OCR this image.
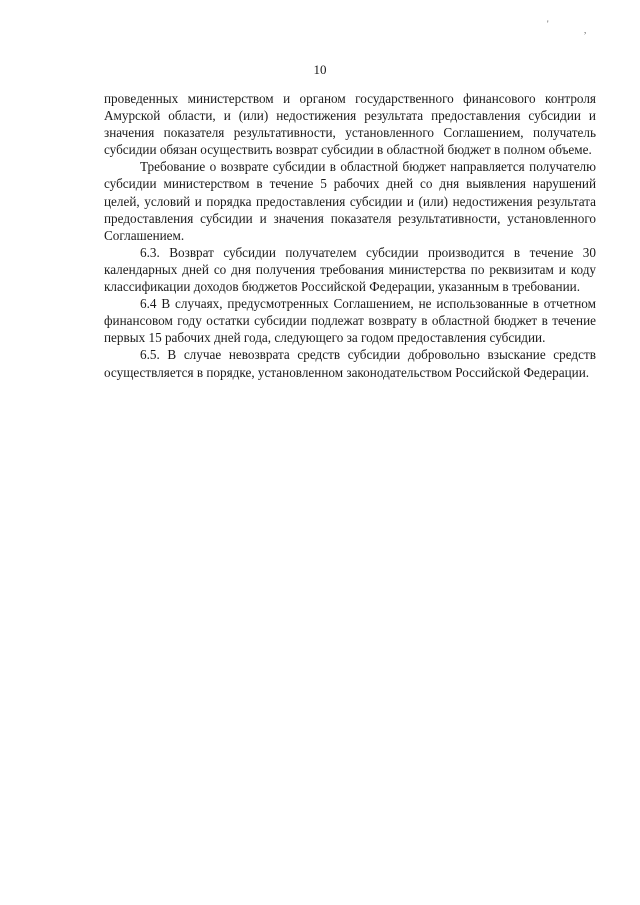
'
,
10

проведенных министерством и органом государственного финансового контроля Амурской области, и (или) недостижения результата предоставления субсидии и значения показателя результативности, установленного Соглашением, получатель субсидии обязан осуществить возврат субсидии в областной бюджет в полном объеме.

Требование о возврате субсидии в областной бюджет направляется получателю субсидии министерством в течение 5 рабочих дней со дня выявления нарушений целей, условий и порядка предоставления субсидии и (или) недостижения результата предоставления субсидии и значения показателя результативности, установленного Соглашением.

6.3. Возврат субсидии получателем субсидии производится в течение 30 календарных дней со дня получения требования министерства по реквизитам и коду классификации доходов бюджетов Российской Федерации, указанным в требовании.

6.4 В случаях, предусмотренных Соглашением, не использованные в отчетном финансовом году остатки субсидии подлежат возврату в областной бюджет в течение первых 15 рабочих дней года, следующего за годом предоставления субсидии.

6.5. В случае невозврата средств субсидии добровольно взыскание средств осуществляется в порядке, установленном законодательством Российской Федерации.
